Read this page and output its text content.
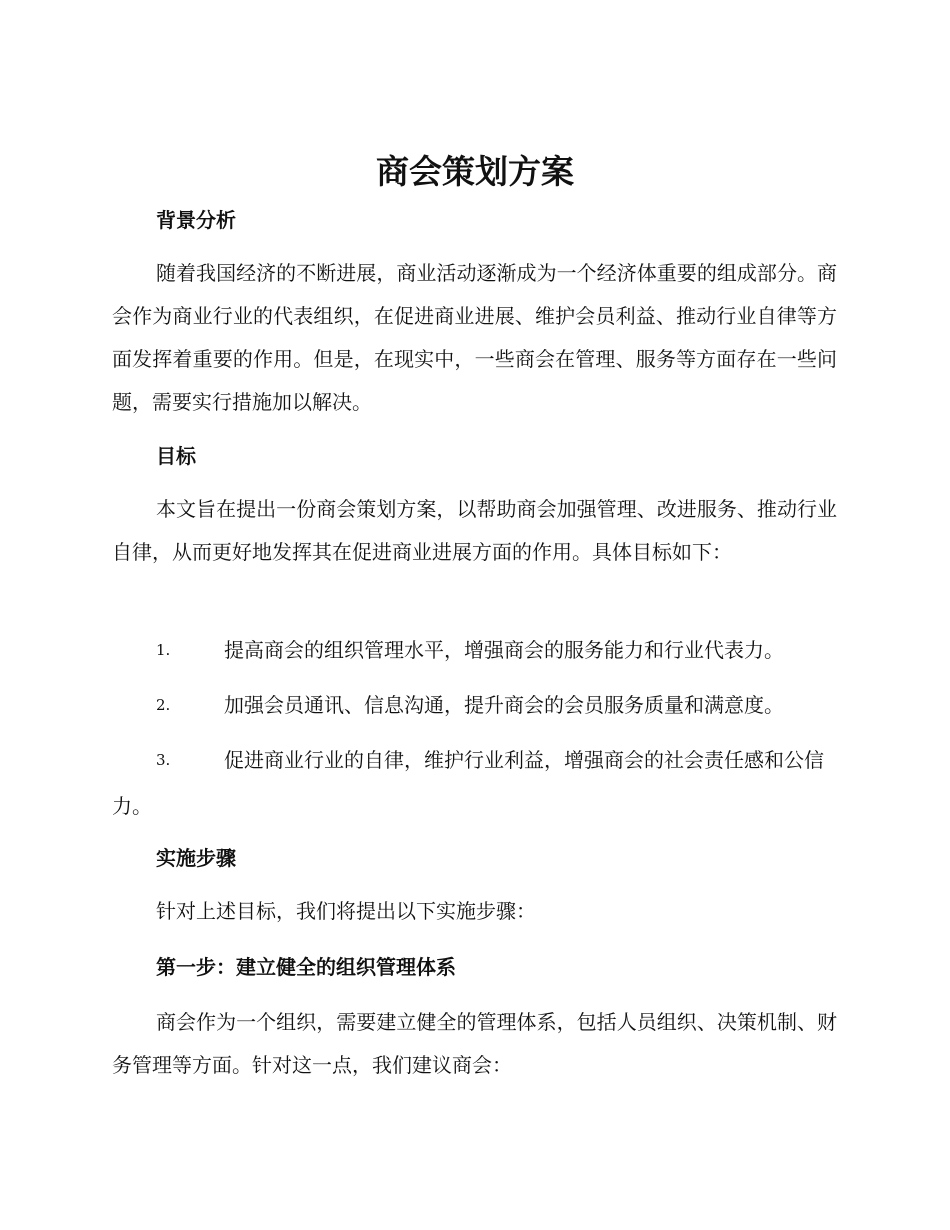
商会策划方案
背景分析

随着我国经济的不断进展，商业活动逐渐成为一个经济体重要的组成部分。商会作为商业行业的代表组织，在促进商业进展、维护会员利益、推动行业自律等方面发挥着重要的作用。但是，在现实中，一些商会在管理、服务等方面存在一些问题，需要实行措施加以解决。

目标

本文旨在提出一份商会策划方案，以帮助商会加强管理、改进服务、推动行业自律，从而更好地发挥其在促进商业进展方面的作用。具体目标如下：

1.	提高商会的组织管理水平，增强商会的服务能力和行业代表力。
2.	加强会员通讯、信息沟通，提升商会的会员服务质量和满意度。
3.	促进商业行业的自律，维护行业利益，增强商会的社会责任感和公信力。
实施步骤

针对上述目标，我们将提出以下实施步骤：

第一步：建立健全的组织管理体系

商会作为一个组织，需要建立健全的管理体系，包括人员组织、决策机制、财务管理等方面。针对这一点，我们建议商会：
